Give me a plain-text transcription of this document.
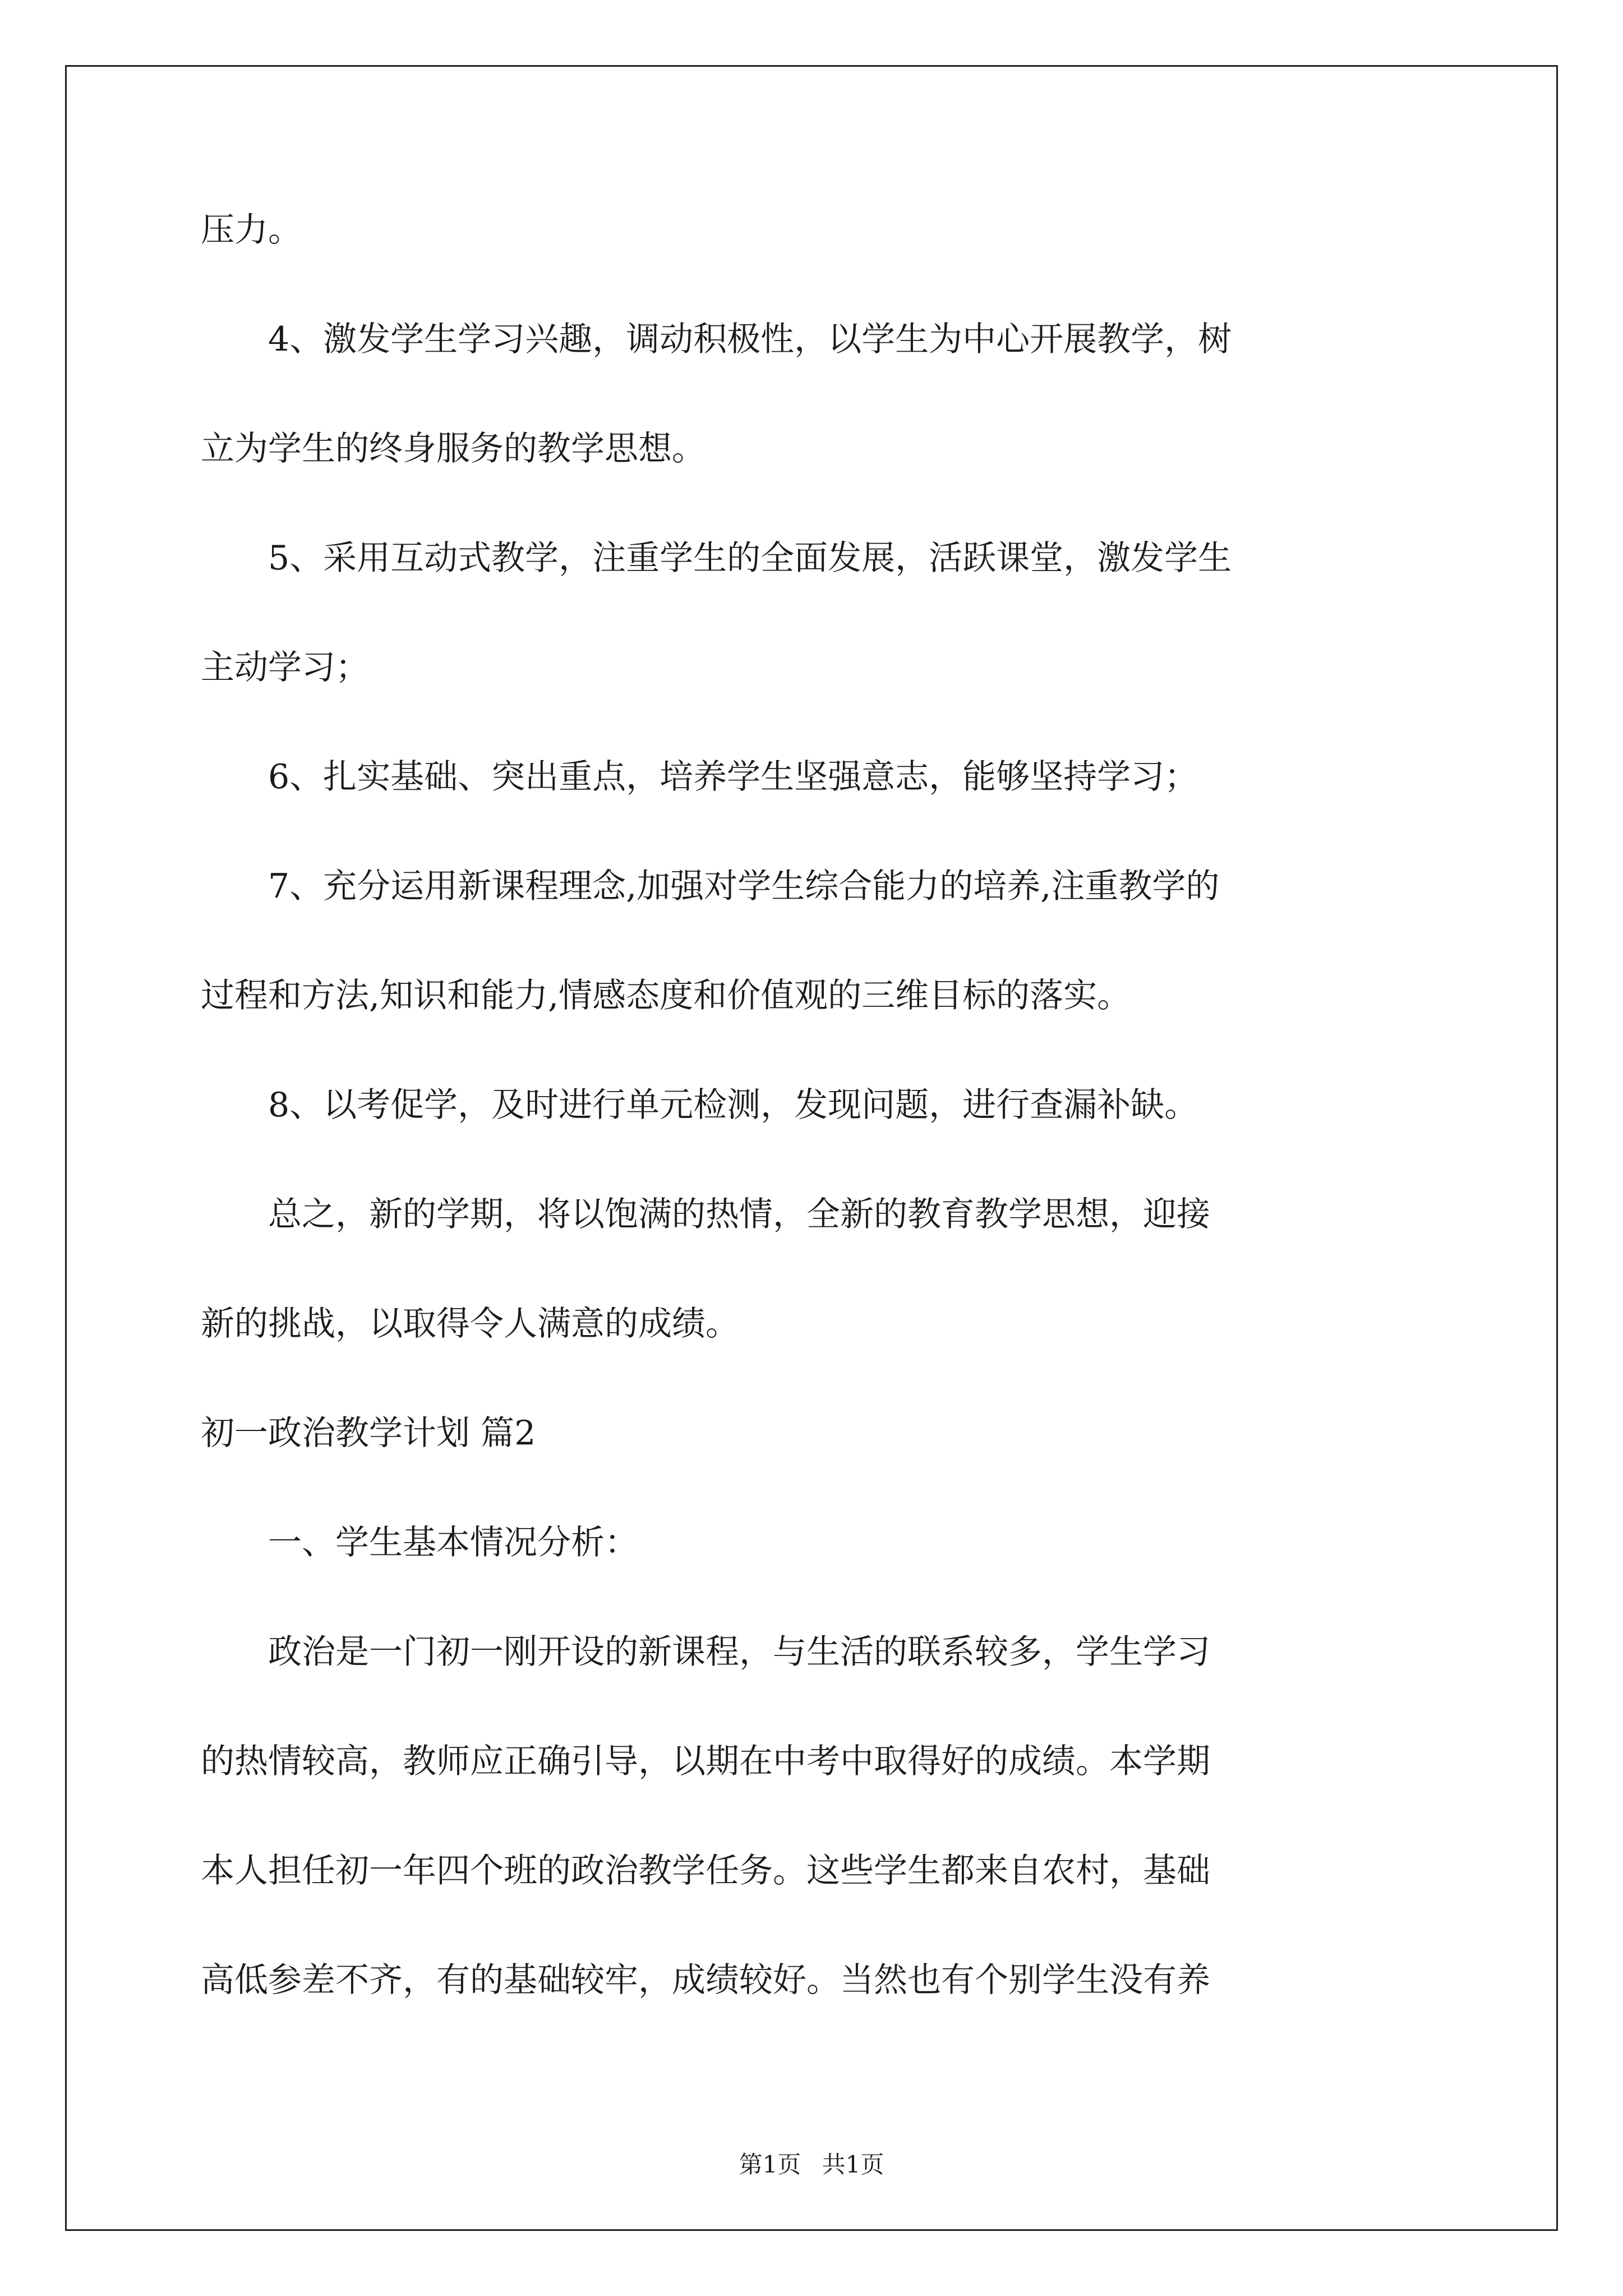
压力。

　　4、激发学生学习兴趣，调动积极性，以学生为中心开展教学，树

立为学生的终身服务的教学思想。

　　5、采用互动式教学，注重学生的全面发展，活跃课堂，激发学生

主动学习；

　　6、扎实基础、突出重点，培养学生坚强意志，能够坚持学习；

　　7、充分运用新课程理念,加强对学生综合能力的培养,注重教学的

过程和方法,知识和能力,情感态度和价值观的三维目标的落实。

　　8、以考促学，及时进行单元检测，发现问题，进行查漏补缺。

　　总之，新的学期，将以饱满的热情，全新的教育教学思想，迎接

新的挑战，以取得令人满意的成绩。

初一政治教学计划 篇2

　　一、学生基本情况分析：

　　政治是一门初一刚开设的新课程，与生活的联系较多，学生学习

的热情较高，教师应正确引导，以期在中考中取得好的成绩。本学期

本人担任初一年四个班的政治教学任务。这些学生都来自农村，基础

高低参差不齐，有的基础较牢，成绩较好。当然也有个别学生没有养

第1页 共1页
